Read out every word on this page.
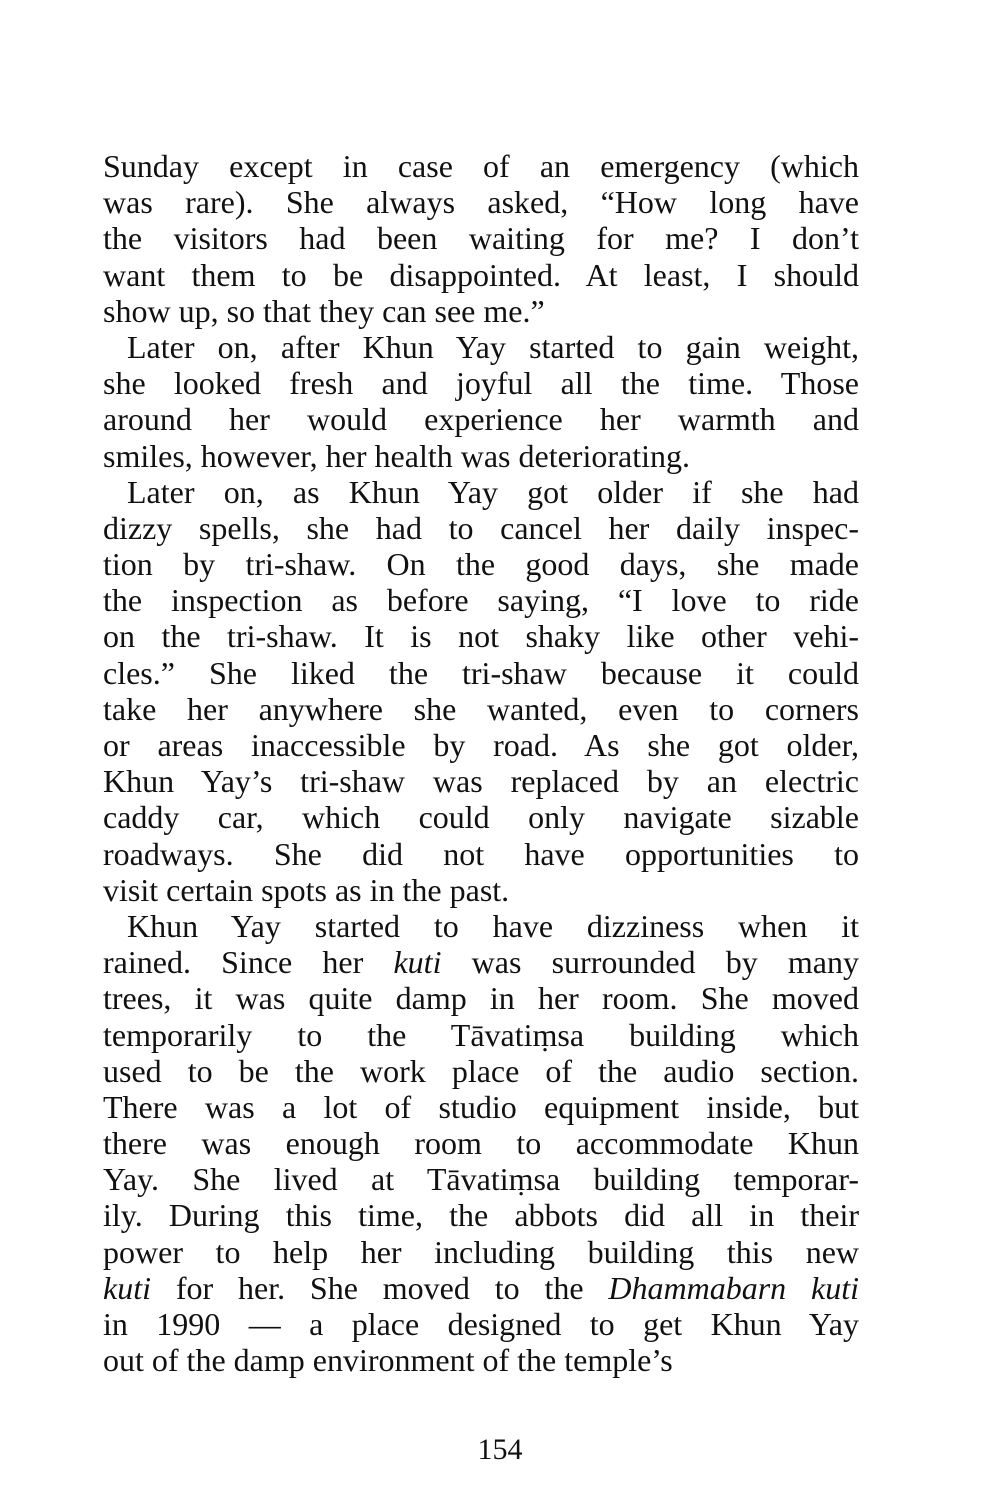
Sunday except in case of an emergency (which
was rare). She always asked, “How long have
the visitors had been waiting for me? I don’t
want them to be disappointed. At least, I should
show up, so that they can see me.”
Later on, after Khun Yay started to gain weight,
she looked fresh and joyful all the time. Those
around her would experience her warmth and
smiles, however, her health was deteriorating.
Later on, as Khun Yay got older if she had
dizzy spells, she had to cancel her daily inspec-
tion by tri-shaw. On the good days, she made
the inspection as before saying, “I love to ride
on the tri-shaw. It is not shaky like other vehi-
cles.” She liked the tri-shaw because it could
take her anywhere she wanted, even to corners
or areas inaccessible by road. As she got older,
Khun Yay’s tri-shaw was replaced by an electric
caddy car, which could only navigate sizable
roadways. She did not have opportunities to
visit certain spots as in the past.
Khun Yay started to have dizziness when it
rained. Since her kuti was surrounded by many
trees, it was quite damp in her room. She moved
temporarily to the Tāvatiṃsa building which
used to be the work place of the audio section.
There was a lot of studio equipment inside, but
there was enough room to accommodate Khun
Yay. She lived at Tāvatiṃsa building temporar-
ily. During this time, the abbots did all in their
power to help her including building this new
kuti for her. She moved to the Dhammabarn kuti
in 1990 — a place designed to get Khun Yay
out of the damp environment of the temple’s
154
